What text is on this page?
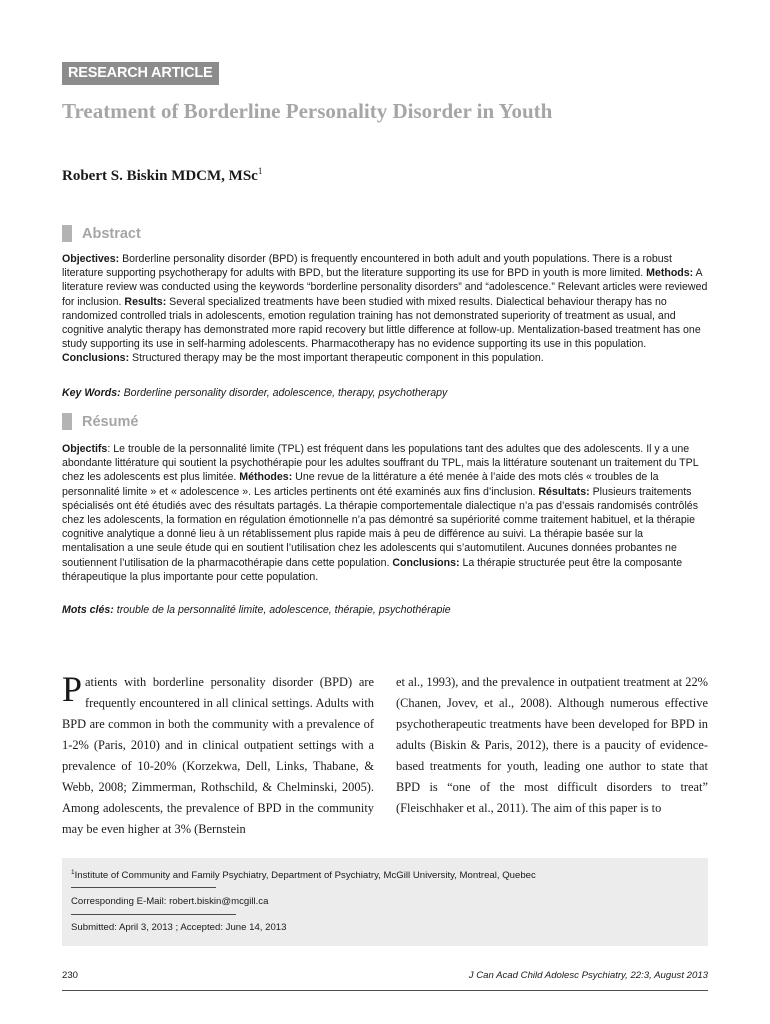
RESEARCH ARTICLE
Treatment of Borderline Personality Disorder in Youth
Robert S. Biskin MDCM, MSc$^1$
Abstract
Objectives: Borderline personality disorder (BPD) is frequently encountered in both adult and youth populations. There is a robust literature supporting psychotherapy for adults with BPD, but the literature supporting its use for BPD in youth is more limited. Methods: A literature review was conducted using the keywords “borderline personality disorders” and “adolescence.” Relevant articles were reviewed for inclusion. Results: Several specialized treatments have been studied with mixed results. Dialectical behaviour therapy has no randomized controlled trials in adolescents, emotion regulation training has not demonstrated superiority of treatment as usual, and cognitive analytic therapy has demonstrated more rapid recovery but little difference at follow-up. Mentalization-based treatment has one study supporting its use in self-harming adolescents. Pharmacotherapy has no evidence supporting its use in this population. Conclusions: Structured therapy may be the most important therapeutic component in this population.
Key Words: Borderline personality disorder, adolescence, therapy, psychotherapy
Résumé
Objectifs: Le trouble de la personnalité limite (TPL) est fréquent dans les populations tant des adultes que des adolescents. Il y a une abondante littérature qui soutient la psychothérapie pour les adultes souffrant du TPL, mais la littérature soutenant un traitement du TPL chez les adolescents est plus limitée. Méthodes: Une revue de la littérature a été menée à l’aide des mots clés « troubles de la personnalité limite » et « adolescence ». Les articles pertinents ont été examinés aux fins d’inclusion. Résultats: Plusieurs traitements spécialisés ont été étudiés avec des résultats partagés. La thérapie comportementale dialectique n’a pas d’essais randomisés contrôlés chez les adolescents, la formation en régulation émotionnelle n’a pas démontré sa supériorité comme traitement habituel, et la thérapie cognitive analytique a donné lieu à un rétablissement plus rapide mais à peu de différence au suivi. La thérapie basée sur la mentalisation a une seule étude qui en soutient l’utilisation chez les adolescents qui s’automutilent. Aucunes données probantes ne soutiennent l’utilisation de la pharmacothérapie dans cette population. Conclusions: La thérapie structurée peut être la composante thérapeutique la plus importante pour cette population.
Mots clés: trouble de la personnalité limite, adolescence, thérapie, psychothérapie
Patients with borderline personality disorder (BPD) are frequently encountered in all clinical settings. Adults with BPD are common in both the community with a prevalence of 1-2% (Paris, 2010) and in clinical outpatient settings with a prevalence of 10-20% (Korzekwa, Dell, Links, Thabane, & Webb, 2008; Zimmerman, Rothschild, & Chelminski, 2005). Among adolescents, the prevalence of BPD in the community may be even higher at 3% (Bernstein
et al., 1993), and the prevalence in outpatient treatment at 22% (Chanen, Jovev, et al., 2008). Although numerous effective psychotherapeutic treatments have been developed for BPD in adults (Biskin & Paris, 2012), there is a paucity of evidence-based treatments for youth, leading one author to state that BPD is “one of the most difficult disorders to treat” (Fleischhaker et al., 2011). The aim of this paper is to
$^1$Institute of Community and Family Psychiatry, Department of Psychiatry, McGill University, Montreal, Quebec
Corresponding E-Mail: robert.biskin@mcgill.ca
Submitted: April 3, 2013 ; Accepted: June 14, 2013
230	J Can Acad Child Adolesc Psychiatry, 22:3, August 2013
